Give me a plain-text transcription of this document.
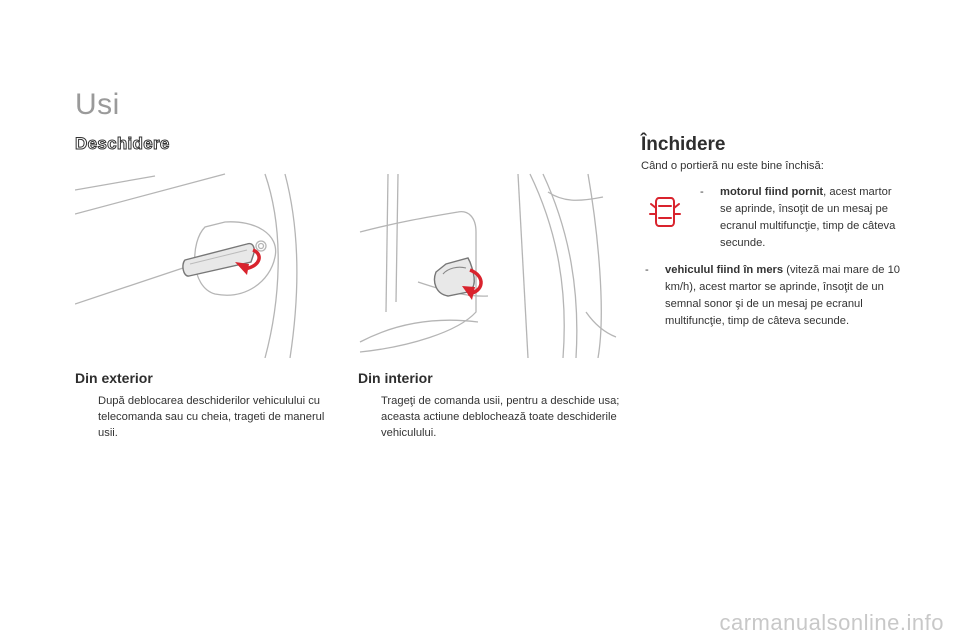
Usi
Deschidere
Din exterior
După deblocarea deschiderilor vehiculului cu telecomanda sau cu cheia, trageti de manerul usii.
Din interior
Trageţi de comanda usii, pentru a deschide usa; aceasta actiune deblochează toate deschiderile vehiculului.
Închidere
Când o portieră nu este bine închisă:
- motorul fiind pornit, acest martor se aprinde, însoţit de un mesaj pe ecranul multifuncţie, timp de câteva secunde.
- vehiculul fiind în mers (viteză mai mare de 10 km/h), acest martor se aprinde, însoţit de un semnal sonor şi de un mesaj pe ecranul multifuncţie, timp de câteva secunde.
carmanualsonline.info
